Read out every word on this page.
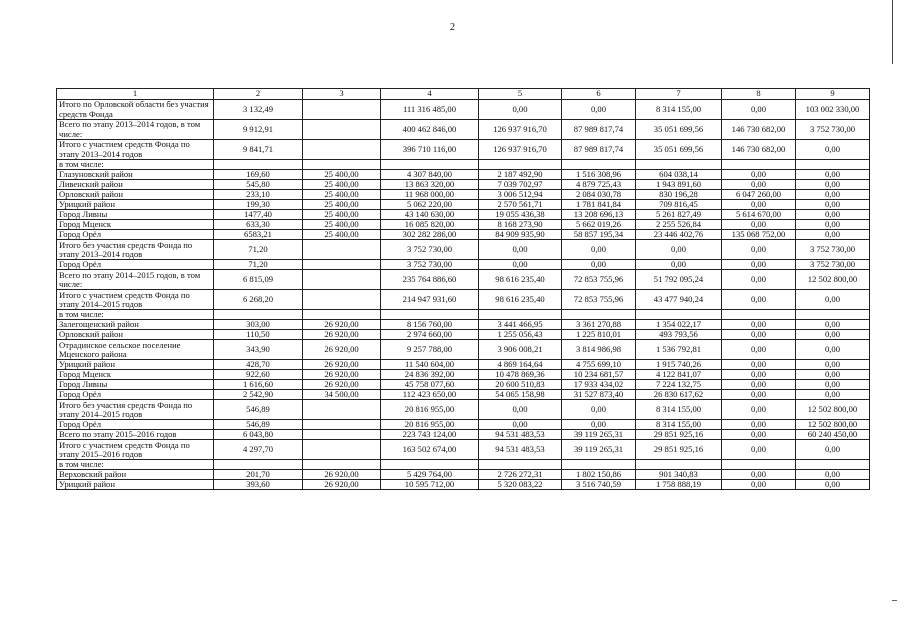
2
1	2	3	4	5	6	7	8	9
Итого по Орловской области без участия средств Фонда	3 132,49		111 316 485,00	0,00	0,00	8 314 155,00	0,00	103 002 330,00
Всего по этапу 2013–2014 годов, в том числе:	9 912,91		400 462 846,00	126 937 916,70	87 989 817,74	35 051 699,56	146 730 682,00	3 752 730,00
Итого с участием средств Фонда по этапу 2013–2014 годов	9 841,71		396 710 116,00	126 937 916,70	87 989 817,74	35 051 699,56	146 730 682,00	0,00
в том числе:								
Глазуновский район	169,60	25 400,00	4 307 840,00	2 187 492,90	1 516 308,96	604 038,14	0,00	0,00
Ливенский район	545,80	25 400,00	13 863 320,00	7 039 702,97	4 879 725,43	1 943 891,60	0,00	0,00
Орловский район	233,10	25 400,00	11 968 000,00	3 006 512,94	2 084 030,78	830 196,28	6 047 260,00	0,00
Урицкий район	199,30	25 400,00	5 062 220,00	2 570 561,71	1 781 841,84	709 816,45	0,00	0,00
Город Ливны	1477,40	25 400,00	43 140 630,00	19 055 436,38	13 208 696,13	5 261 827,49	5 614 670,00	0,00
Город Мценск	633,30	25 400,00	16 085 820,00	8 168 273,90	5 662 019,26	2 255 526,84	0,00	0,00
Город Орёл	6583,21	25 400,00	302 282 286,00	84 909 935,90	58 857 195,34	23 446 402,76	135 068 752,00	0,00
Итого без участия средств Фонда по этапу 2013–2014 годов	71,20		3 752 730,00	0,00	0,00	0,00	0,00	3 752 730,00
Город Орёл	71,20		3 752 730,00	0,00	0,00	0,00	0,00	3 752 730,00
Всего по этапу 2014–2015 годов, в том числе:	6 815,09		235 764 886,60	98 616 235,40	72 853 755,96	51 792 095,24	0,00	12 502 800,00
Итого с участием средств Фонда по этапу 2014–2015 годов	6 268,20		214 947 931,60	98 616 235,40	72 853 755,96	43 477 940,24	0,00	0,00
в том числе:								
Залегощенский район	303,00	26 920,00	8 156 760,00	3 441 466,95	3 361 270,88	1 354 022,17	0,00	0,00
Орловский район	110,50	26 920,00	2 974 660,00	1 255 056,43	1 225 810,01	493 793,56	0,00	0,00
Отрадинское сельское поселение Мценского района	343,90	26 920,00	9 257 788,00	3 906 008,21	3 814 986,98	1 536 792,81	0,00	0,00
Урицкий район	428,70	26 920,00	11 540 604,00	4 869 164,64	4 755 699,10	1 915 740,26	0,00	0,00
Город Мценск	922,60	26 920,00	24 836 392,00	10 478 869,36	10 234 681,57	4 122 841,07	0,00	0,00
Город Ливны	1 616,60	26 920,00	45 758 077,60	20 600 510,83	17 933 434,02	7 224 132,75	0,00	0,00
Город Орёл	2 542,90	34 500,00	112 423 650,00	54 065 158,98	31 527 873,40	26 830 617,62	0,00	0,00
Итого без участия средств Фонда по этапу 2014–2015 годов	546,89		20 816 955,00	0,00	0,00	8 314 155,00	0,00	12 502 800,00
Город Орёл	546,89		20 816 955,00	0,00	0,00	8 314 155,00	0,00	12 502 800,00
Всего по этапу 2015–2016 годов	6 043,80		223 743 124,00	94 531 483,53	39 119 265,31	29 851 925,16	0,00	60 240 450,00
Итого с участием средств Фонда по этапу 2015–2016 годов	4 297,70		163 502 674,00	94 531 483,53	39 119 265,31	29 851 925,16	0,00	0,00
в том числе:								
Верховский район	201,70	26 920,00	5 429 764,00	2 726 272,31	1 802 150,86	901 340,83	0,00	0,00
Урицкий район	393,60	26 920,00	10 595 712,00	5 320 083,22	3 516 740,59	1 758 888,19	0,00	0,00
